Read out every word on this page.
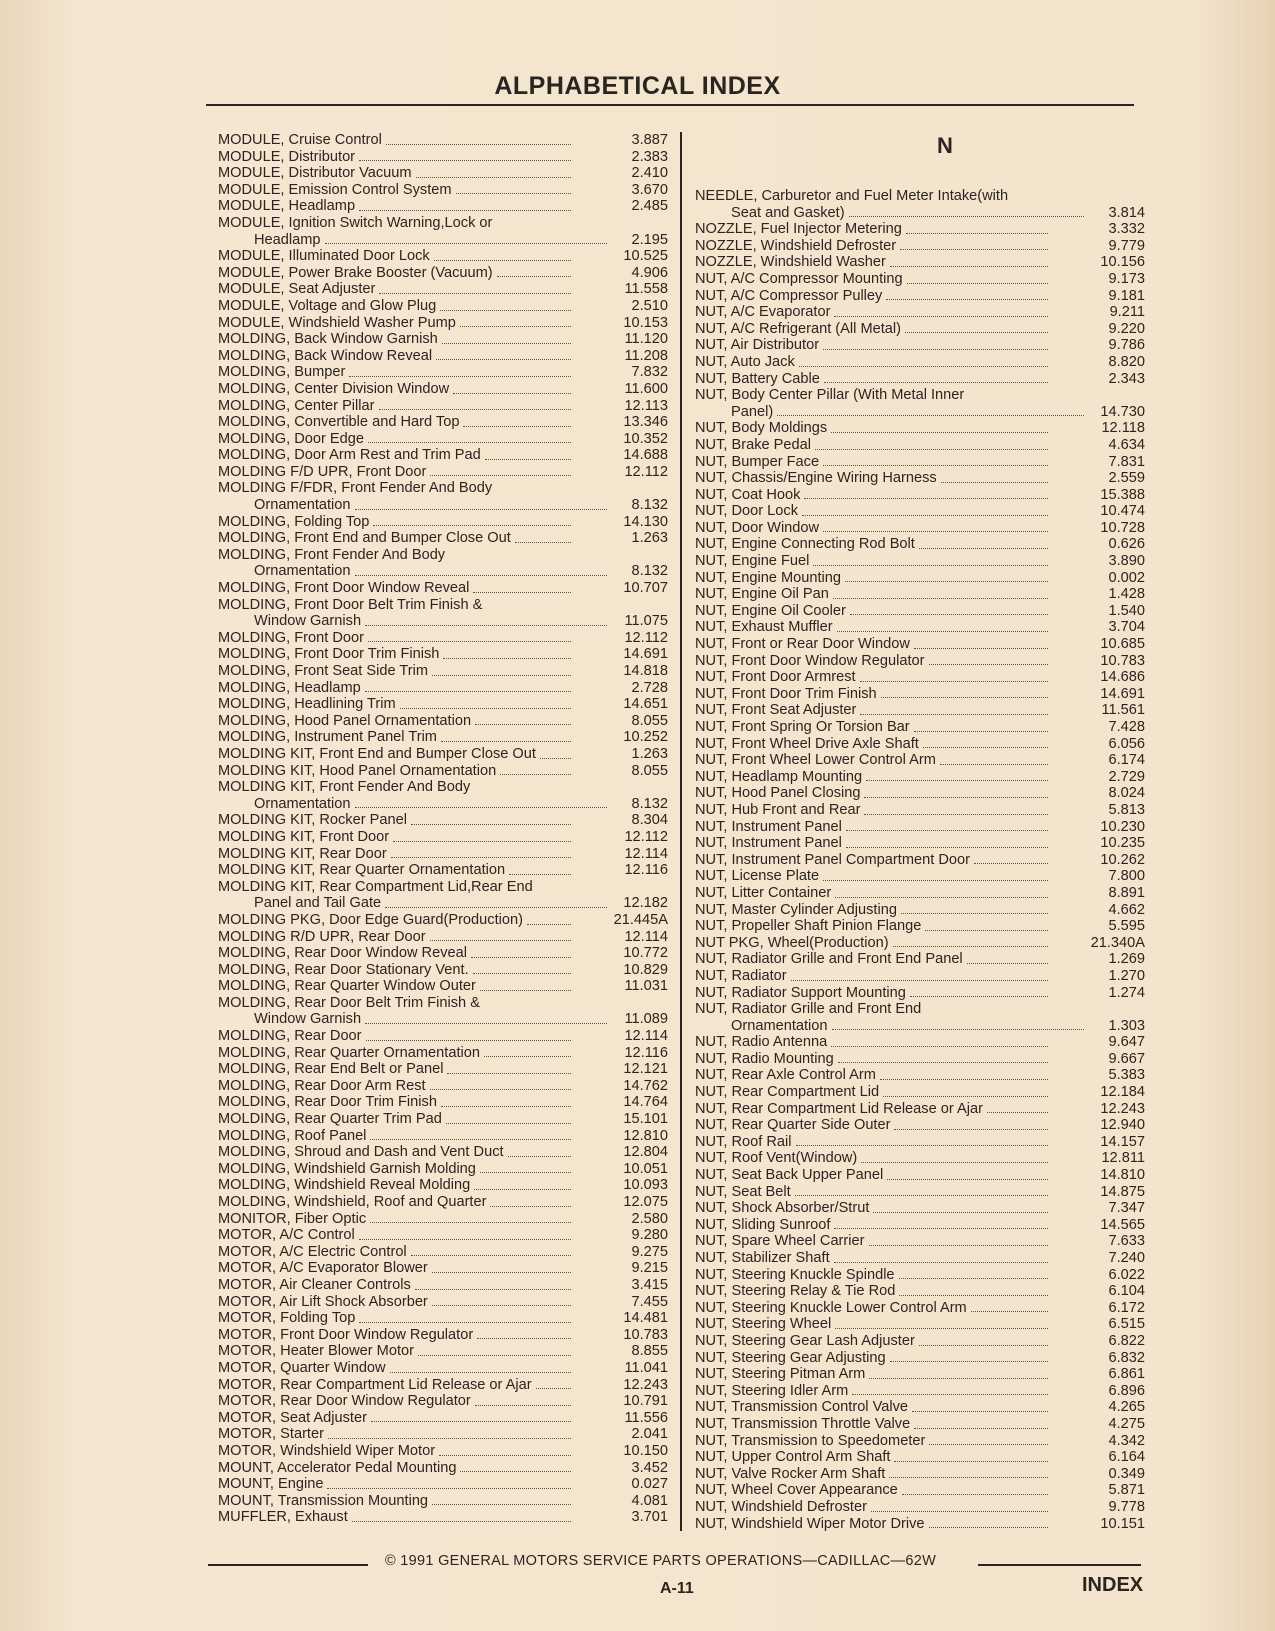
ALPHABETICAL INDEX
MODULE, Cruise Control	3.887
MODULE, Distributor	2.383
MODULE, Distributor Vacuum	2.410
MODULE, Emission Control System	3.670
MODULE, Headlamp	2.485
MODULE, Ignition Switch Warning,Lock or
Headlamp	2.195
MODULE, Illuminated Door Lock	10.525
MODULE, Power Brake Booster (Vacuum)	4.906
MODULE, Seat Adjuster	11.558
MODULE, Voltage and Glow Plug	2.510
MODULE, Windshield Washer Pump	10.153
MOLDING, Back Window Garnish	11.120
MOLDING, Back Window Reveal	11.208
MOLDING, Bumper	7.832
MOLDING, Center Division Window	11.600
MOLDING, Center Pillar	12.113
MOLDING, Convertible and Hard Top	13.346
MOLDING, Door Edge	10.352
MOLDING, Door Arm Rest and Trim Pad	14.688
MOLDING F/D UPR, Front Door	12.112
MOLDING F/FDR, Front Fender And Body
Ornamentation	8.132
MOLDING, Folding Top	14.130
MOLDING, Front End and Bumper Close Out	1.263
MOLDING, Front Fender And Body
Ornamentation	8.132
MOLDING, Front Door Window Reveal	10.707
MOLDING, Front Door Belt Trim Finish &
Window Garnish	11.075
MOLDING, Front Door	12.112
MOLDING, Front Door Trim Finish	14.691
MOLDING, Front Seat Side Trim	14.818
MOLDING, Headlamp	2.728
MOLDING, Headlining Trim	14.651
MOLDING, Hood Panel Ornamentation	8.055
MOLDING, Instrument Panel Trim	10.252
MOLDING KIT, Front End and Bumper Close Out	1.263
MOLDING KIT, Hood Panel Ornamentation	8.055
MOLDING KIT, Front Fender And Body
Ornamentation	8.132
MOLDING KIT, Rocker Panel	8.304
MOLDING KIT, Front Door	12.112
MOLDING KIT, Rear Door	12.114
MOLDING KIT, Rear Quarter Ornamentation	12.116
MOLDING KIT, Rear Compartment Lid,Rear End
Panel and Tail Gate	12.182
MOLDING PKG, Door Edge Guard(Production)	21.445A
MOLDING R/D UPR, Rear Door	12.114
MOLDING, Rear Door Window Reveal	10.772
MOLDING, Rear Door Stationary Vent.	10.829
MOLDING, Rear Quarter Window Outer	11.031
MOLDING, Rear Door Belt Trim Finish &
Window Garnish	11.089
MOLDING, Rear Door	12.114
MOLDING, Rear Quarter Ornamentation	12.116
MOLDING, Rear End Belt or Panel	12.121
MOLDING, Rear Door Arm Rest	14.762
MOLDING, Rear Door Trim Finish	14.764
MOLDING, Rear Quarter Trim Pad	15.101
MOLDING, Roof Panel	12.810
MOLDING, Shroud and Dash and Vent Duct	12.804
MOLDING, Windshield Garnish Molding	10.051
MOLDING, Windshield Reveal Molding	10.093
MOLDING, Windshield, Roof and Quarter	12.075
MONITOR, Fiber Optic	2.580
MOTOR, A/C Control	9.280
MOTOR, A/C Electric Control	9.275
MOTOR, A/C Evaporator Blower	9.215
MOTOR, Air Cleaner Controls	3.415
MOTOR, Air Lift Shock Absorber	7.455
MOTOR, Folding Top	14.481
MOTOR, Front Door Window Regulator	10.783
MOTOR, Heater Blower Motor	8.855
MOTOR, Quarter Window	11.041
MOTOR, Rear Compartment Lid Release or Ajar	12.243
MOTOR, Rear Door Window Regulator	10.791
MOTOR, Seat Adjuster	11.556
MOTOR, Starter	2.041
MOTOR, Windshield Wiper Motor	10.150
MOUNT, Accelerator Pedal Mounting	3.452
MOUNT, Engine	0.027
MOUNT, Transmission Mounting	4.081
MUFFLER, Exhaust	3.701
N
NEEDLE, Carburetor and Fuel Meter Intake(with
Seat and Gasket)	3.814
NOZZLE, Fuel Injector Metering	3.332
NOZZLE, Windshield Defroster	9.779
NOZZLE, Windshield Washer	10.156
NUT, A/C Compressor Mounting	9.173
NUT, A/C Compressor Pulley	9.181
NUT, A/C Evaporator	9.211
NUT, A/C Refrigerant (All Metal)	9.220
NUT, Air Distributor	9.786
NUT, Auto Jack	8.820
NUT, Battery Cable	2.343
NUT, Body Center Pillar (With Metal Inner
Panel)	14.730
NUT, Body Moldings	12.118
NUT, Brake Pedal	4.634
NUT, Bumper Face	7.831
NUT, Chassis/Engine Wiring Harness	2.559
NUT, Coat Hook	15.388
NUT, Door Lock	10.474
NUT, Door Window	10.728
NUT, Engine Connecting Rod Bolt	0.626
NUT, Engine Fuel	3.890
NUT, Engine Mounting	0.002
NUT, Engine Oil Pan	1.428
NUT, Engine Oil Cooler	1.540
NUT, Exhaust Muffler	3.704
NUT, Front or Rear Door Window	10.685
NUT, Front Door Window Regulator	10.783
NUT, Front Door Armrest	14.686
NUT, Front Door Trim Finish	14.691
NUT, Front Seat Adjuster	11.561
NUT, Front Spring Or Torsion Bar	7.428
NUT, Front Wheel Drive Axle Shaft	6.056
NUT, Front Wheel Lower Control Arm	6.174
NUT, Headlamp Mounting	2.729
NUT, Hood Panel Closing	8.024
NUT, Hub Front and Rear	5.813
NUT, Instrument Panel	10.230
NUT, Instrument Panel	10.235
NUT, Instrument Panel Compartment Door	10.262
NUT, License Plate	7.800
NUT, Litter Container	8.891
NUT, Master Cylinder Adjusting	4.662
NUT, Propeller Shaft Pinion Flange	5.595
NUT PKG, Wheel(Production)	21.340A
NUT, Radiator Grille and Front End Panel	1.269
NUT, Radiator	1.270
NUT, Radiator Support Mounting	1.274
NUT, Radiator Grille and Front End
Ornamentation	1.303
NUT, Radio Antenna	9.647
NUT, Radio Mounting	9.667
NUT, Rear Axle Control Arm	5.383
NUT, Rear Compartment Lid	12.184
NUT, Rear Compartment Lid Release or Ajar	12.243
NUT, Rear Quarter Side Outer	12.940
NUT, Roof Rail	14.157
NUT, Roof Vent(Window)	12.811
NUT, Seat Back Upper Panel	14.810
NUT, Seat Belt	14.875
NUT, Shock Absorber/Strut	7.347
NUT, Sliding Sunroof	14.565
NUT, Spare Wheel Carrier	7.633
NUT, Stabilizer Shaft	7.240
NUT, Steering Knuckle Spindle	6.022
NUT, Steering Relay & Tie Rod	6.104
NUT, Steering Knuckle Lower Control Arm	6.172
NUT, Steering Wheel	6.515
NUT, Steering Gear Lash Adjuster	6.822
NUT, Steering Gear Adjusting	6.832
NUT, Steering Pitman Arm	6.861
NUT, Steering Idler Arm	6.896
NUT, Transmission Control Valve	4.265
NUT, Transmission Throttle Valve	4.275
NUT, Transmission to Speedometer	4.342
NUT, Upper Control Arm Shaft	6.164
NUT, Valve Rocker Arm Shaft	0.349
NUT, Wheel Cover Appearance	5.871
NUT, Windshield Defroster	9.778
NUT, Windshield Wiper Motor Drive	10.151
© 1991 GENERAL MOTORS SERVICE PARTS OPERATIONS—CADILLAC—62W
A-11	INDEX
